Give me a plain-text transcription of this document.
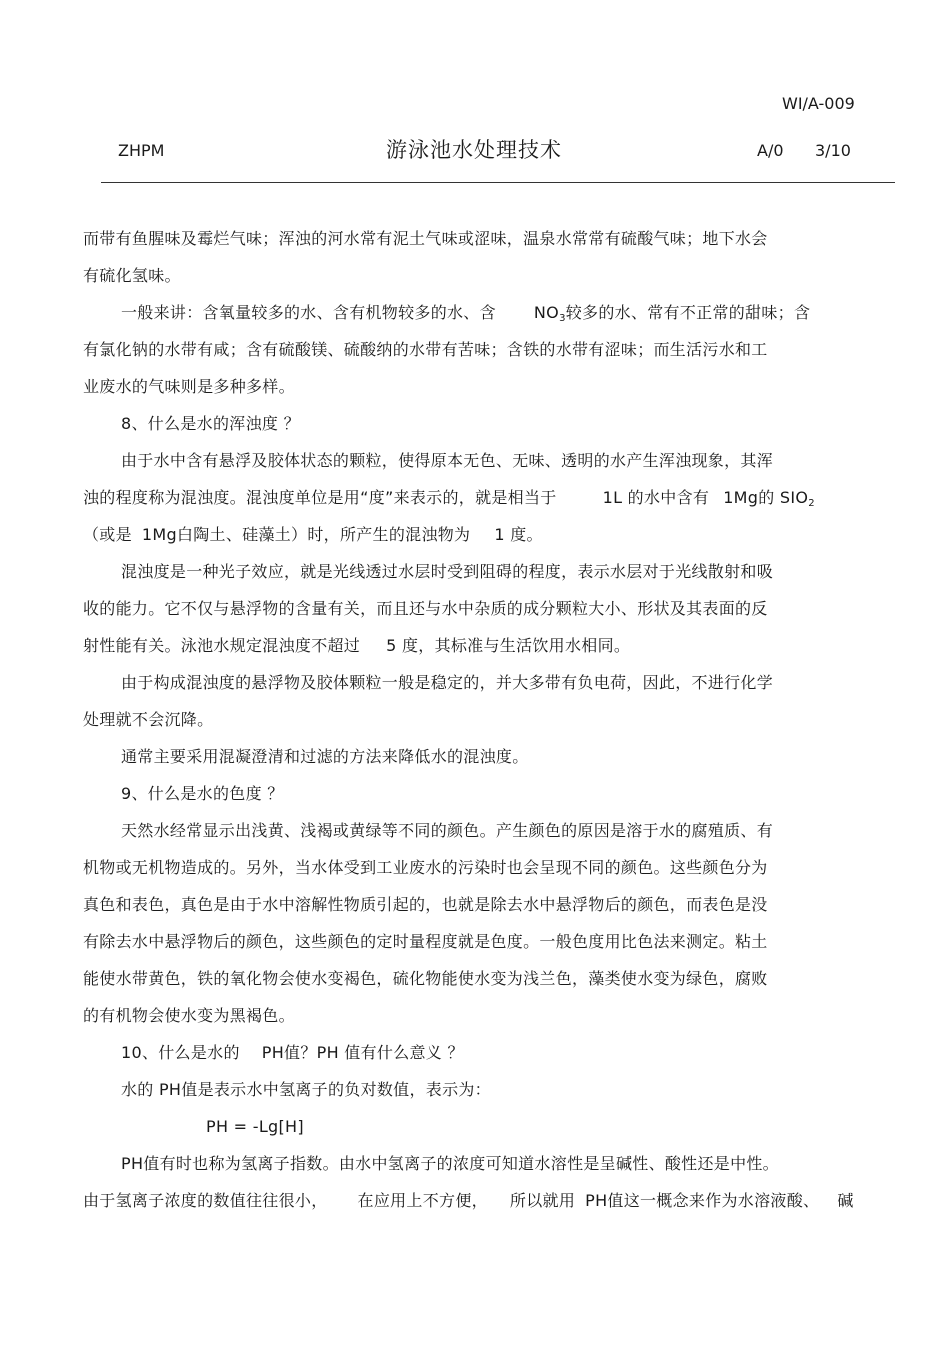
WI/A-009
ZHPM	游泳池水处理技术	A/0 3/10
而带有鱼腥味及霉烂气味；浑浊的河水常有泥土气味或涩味，温泉水常常有硫酸气味；地下水会
有硫化氢味。
一般来讲：含氧量较多的水、含有机物较多的水、含 $NO_3$较多的水、常有不正常的甜味；含
有氯化钠的水带有咸；含有硫酸镁、硫酸纳的水带有苦味；含铁的水带有涩味；而生活污水和工
业废水的气味则是多种多样。
8、什么是水的浑浊度 ？
由于水中含有悬浮及胶体状态的颗粒，使得原本无色、无味、透明的水产生浑浊现象，其浑
浊的程度称为混浊度。混浊度单位是用“度”来表示的，就是相当于	1L 的水中含有 1Mg的 $SIO_2$
（或是 1Mg白陶土、硅藻土）时，所产生的混浊物为 1 度。
混浊度是一种光子效应，就是光线透过水层时受到阻碍的程度，表示水层对于光线散射和吸
收的能力。它不仅与悬浮物的含量有关，而且还与水中杂质的成分颗粒大小、形状及其表面的反
射性能有关。泳池水规定混浊度不超过 5 度，其标准与生活饮用水相同。
由于构成混浊度的悬浮物及胶体颗粒一般是稳定的，并大多带有负电荷，因此，不进行化学
处理就不会沉降。
通常主要采用混凝澄清和过滤的方法来降低水的混浊度。
9、什么是水的色度 ？
天然水经常显示出浅黄、浅褐或黄绿等不同的颜色。产生颜色的原因是溶于水的腐殖质、有
机物或无机物造成的。另外，当水体受到工业废水的污染时也会呈现不同的颜色。这些颜色分为
真色和表色，真色是由于水中溶解性物质引起的，也就是除去水中悬浮物后的颜色，而表色是没
有除去水中悬浮物后的颜色，这些颜色的定时量程度就是色度。一般色度用比色法来测定。粘土
能使水带黄色，铁的氧化物会使水变褐色，硫化物能使水变为浅兰色，藻类使水变为绿色，腐败
的有机物会使水变为黑褐色。
10、什么是水的 PH值？PH 值有什么意义 ？
水的 PH值是表示水中氢离子的负对数值，表示为：
PH = -Lg[H]
PH值有时也称为氢离子指数。由水中氢离子的浓度可知道水溶性是呈碱性、酸性还是中性。
由于氢离子浓度的数值往往很小， 在应用上不方便， 所以就用 PH值这一概念来作为水溶液酸、 碱
